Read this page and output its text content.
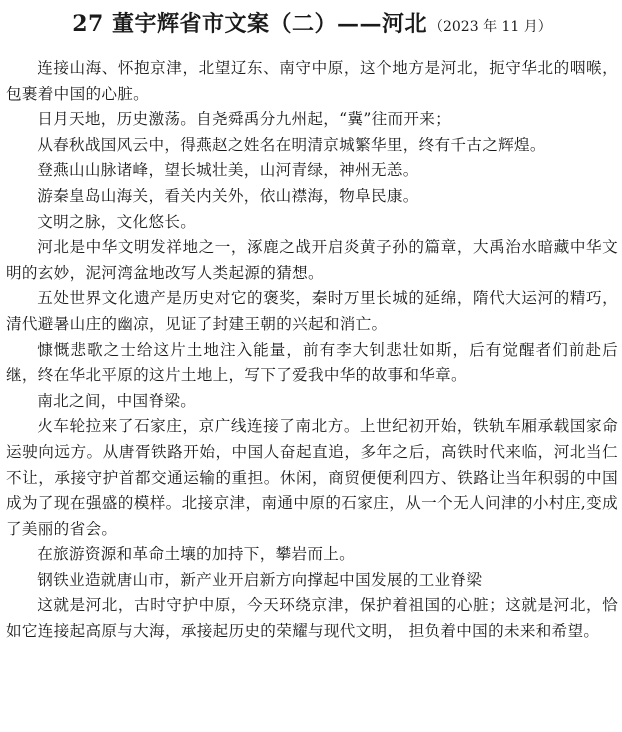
27 董宇辉省市文案（二）——河北 （2023 年 11 月）

连接山海、怀抱京津，北望辽东、南守中原，这个地方是河北，扼守华北的咽喉，包裹着中国的心脏。

日月天地，历史激荡。自尧舜禹分九州起，“冀”往而开来；

从春秋战国风云中，得燕赵之姓名在明清京城繁华里，终有千古之辉煌。

登燕山山脉诸峰，望长城壮美，山河青绿，神州无恙。

游秦皇岛山海关，看关内关外，依山襟海，物阜民康。

文明之脉，文化悠长。

河北是中华文明发祥地之一，涿鹿之战开启炎黄子孙的篇章，大禹治水暗藏中华文明的玄妙，泥河湾盆地改写人类起源的猜想。

五处世界文化遗产是历史对它的褒奖，秦时万里长城的延绵，隋代大运河的精巧，清代避暑山庄的幽凉，见证了封建王朝的兴起和消亡。

慷慨悲歌之士给这片土地注入能量，前有李大钊悲壮如斯，后有觉醒者们前赴后继，终在华北平原的这片土地上，写下了爱我中华的故事和华章。

南北之间，中国脊梁。

火车轮拉来了石家庄，京广线连接了南北方。上世纪初开始，铁轨车厢承载国家命运驶向远方。从唐胥铁路开始，中国人奋起直追，多年之后，高铁时代来临，河北当仁不让，承接守护首都交通运输的重担。休闲，商贸便便利四方、铁路让当年积弱的中国成为了现在强盛的模样。北接京津，南通中原的石家庄，从一个无人问津的小村庄,变成了美丽的省会。

在旅游资源和革命土壤的加持下，攀岩而上。

钢铁业造就唐山市，新产业开启新方向撑起中国发展的工业脊梁

这就是河北，古时守护中原，今天环绕京津，保护着祖国的心脏；这就是河北，恰如它连接起高原与大海，承接起历史的荣耀与现代文明， 担负着中国的未来和希望。
